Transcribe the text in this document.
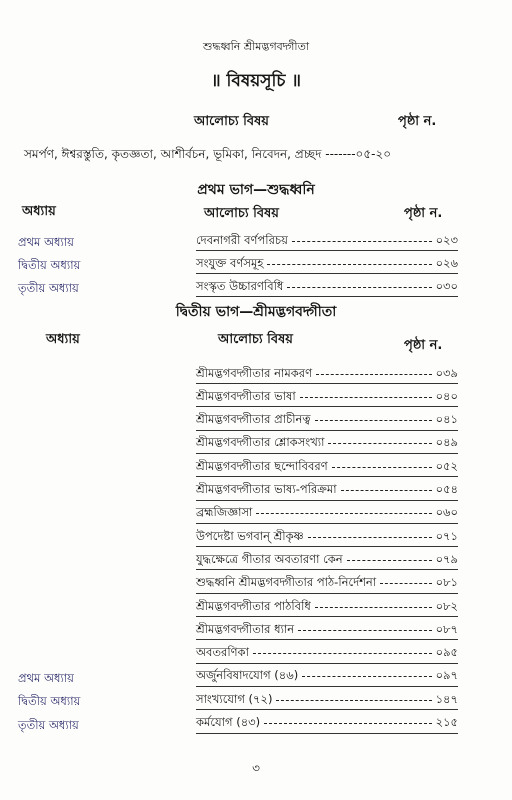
শুদ্ধধ্বনি শ্রীমদ্ভগবদ্গীতা
॥ বিষয়সূচি ॥
আলোচ্য বিষয়	পৃষ্ঠা ন.
সমর্পণ, ঈশ্বরস্তুতি, কৃতজ্ঞতা, আশীর্বচন, ভূমিকা, নিবেদন, প্রচ্ছদ -------০৫-২০
প্রথম ভাগ—শুদ্ধধ্বনি
অধ্যায়	আলোচ্য বিষয়	পৃষ্ঠা ন.
প্রথম অধ্যায়	দেবনাগরী বর্ণপরিচয়	০২৩
দ্বিতীয় অধ্যায়	সংযুক্ত বর্ণসমূহ	০২৬
তৃতীয় অধ্যায়	সংস্কৃত উচ্চারণবিধি	০৩০
দ্বিতীয় ভাগ—শ্রীমদ্ভগবদ্গীতা
অধ্যায়	আলোচ্য বিষয়	পৃষ্ঠা ন.
শ্রীমদ্ভগবদ্গীতার নামকরণ	০৩৯
শ্রীমদ্ভগবদ্গীতার ভাষা	০৪০
শ্রীমদ্ভগবদ্গীতার প্রাচীনত্ব	০৪১
শ্রীমদ্ভগবদ্গীতার শ্লোকসংখ্যা	০৪৯
শ্রীমদ্ভগবদ্গীতার ছন্দোবিবরণ	০৫২
শ্রীমদ্ভগবদ্গীতার ভাষ্য-পরিক্রমা	০৫৪
ব্রহ্মজিজ্ঞাসা	০৬০
উপদেষ্টা ভগবান্ শ্রীকৃষ্ণ	০৭১
যুদ্ধক্ষেত্রে গীতার অবতারণা কেন	০৭৯
শুদ্ধধ্বনি শ্রীমদ্ভগবদ্গীতার পাঠ-নির্দেশনা	০৮১
শ্রীমদ্ভগবদ্গীতার পাঠবিধি	০৮২
শ্রীমদ্ভগবদ্গীতার ধ্যান	০৮৭
অবতরণিকা	০৯৫
প্রথম অধ্যায়	অর্জুনবিষাদযোগ (৪৬)	০৯৭
দ্বিতীয় অধ্যায়	সাংখ্যযোগ (৭২)	১৪৭
তৃতীয় অধ্যায়	কর্মযোগ (৪৩)	২১৫
৩
